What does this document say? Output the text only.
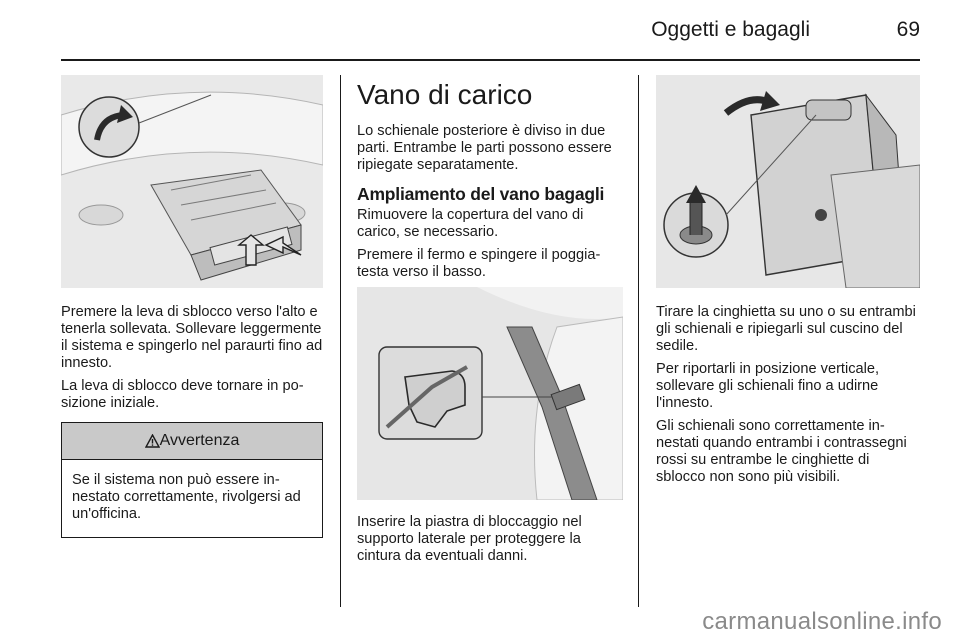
Oggetti e bagagli	69

Premere la leva di sblocco verso l'alto e tenerla sollevata. Sollevare leggermente il sistema e spingerlo nel paraurti fino ad innesto.

La leva di sblocco deve tornare in posizione iniziale.

Avvertenza

Se il sistema non può essere innestato correttamente, rivolgersi ad un'officina.

Vano di carico

Lo schienale posteriore è diviso in due parti. Entrambe le parti possono essere ripiegate separatamente.

Ampliamento del vano bagagli

Rimuovere la copertura del vano di carico, se necessario.

Premere il fermo e spingere il poggiatesta verso il basso.

Inserire la piastra di bloccaggio nel supporto laterale per proteggere la cintura da eventuali danni.

Tirare la cinghietta su uno o su entrambi gli schienali e ripiegarli sul cuscino del sedile.

Per riportarli in posizione verticale, sollevare gli schienali fino a udirne l'innesto.

Gli schienali sono correttamente innestati quando entrambi i contrassegni rossi su entrambe le cinghiette di sblocco non sono più visibili.

carmanualsonline.info
